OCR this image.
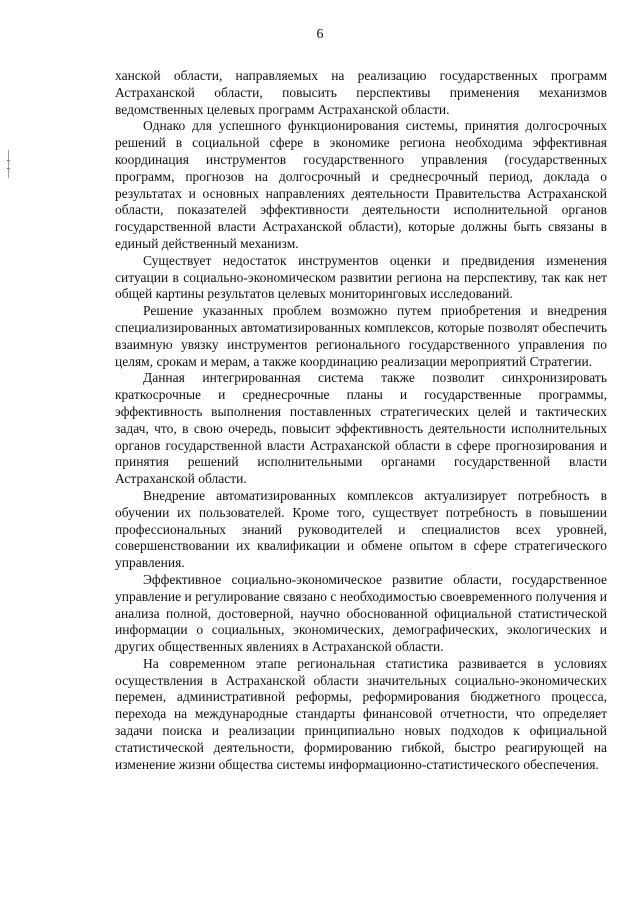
6

ханской области, направляемых на реализацию государственных программ Астраханской области, повысить перспективы применения механизмов ведомственных целевых программ Астраханской области.

Однако для успешного функционирования системы, принятия долгосрочных решений в социальной сфере в экономике региона необходима эффективная координация инструментов государственного управления (государственных программ, прогнозов на долгосрочный и среднесрочный период, доклада о результатах и основных направлениях деятельности Правительства Астраханской области, показателей эффективности деятельности исполнительной органов государственной власти Астраханской области), которые должны быть связаны в единый действенный механизм.

Существует недостаток инструментов оценки и предвидения изменения ситуации в социально-экономическом развитии региона на перспективу, так как нет общей картины результатов целевых мониторинговых исследований.

Решение указанных проблем возможно путем приобретения и внедрения специализированных автоматизированных комплексов, которые позволят обеспечить взаимную увязку инструментов регионального государственного управления по целям, срокам и мерам, а также координацию реализации мероприятий Стратегии.

Данная интегрированная система также позволит синхронизировать краткосрочные и среднесрочные планы и государственные программы, эффективность выполнения поставленных стратегических целей и тактических задач, что, в свою очередь, повысит эффективность деятельности исполнительных органов государственной власти Астраханской области в сфере прогнозирования и принятия решений исполнительными органами государственной власти Астраханской области.

Внедрение автоматизированных комплексов актуализирует потребность в обучении их пользователей. Кроме того, существует потребность в повышении профессиональных знаний руководителей и специалистов всех уровней, совершенствовании их квалификации и обмене опытом в сфере стратегического управления.

Эффективное социально-экономическое развитие области, государственное управление и регулирование связано с необходимостью своевременного получения и анализа полной, достоверной, научно обоснованной официальной статистической информации о социальных, экономических, демографических, экологических и других общественных явлениях в Астраханской области.

На современном этапе региональная статистика развивается в условиях осуществления в Астраханской области значительных социально-экономических перемен, административной реформы, реформирования бюджетного процесса, перехода на международные стандарты финансовой отчетности, что определяет задачи поиска и реализации принципиально новых подходов к официальной статистической деятельности, формированию гибкой, быстро реагирующей на изменение жизни общества системы информационно-статистического обеспечения.
